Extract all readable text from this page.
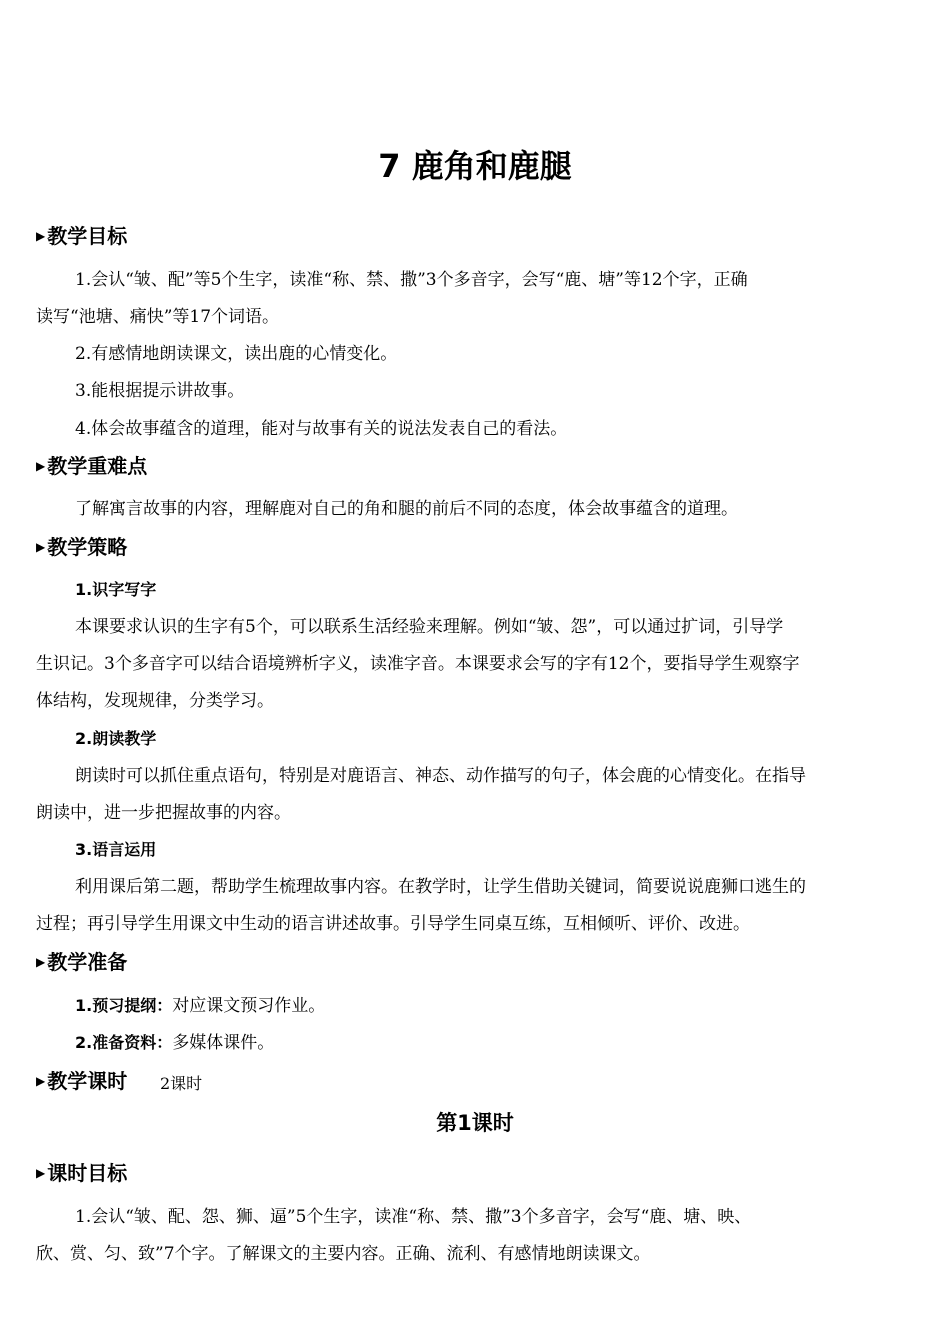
7 鹿角和鹿腿
▶ 教学目标
1.会认“皱、配”等5个生字，读准“称、禁、撒”3个多音字，会写“鹿、塘”等12个字，正确
读写“池塘、痛快”等17个词语。
2.有感情地朗读课文，读出鹿的心情变化。
3.能根据提示讲故事。
4.体会故事蕴含的道理，能对与故事有关的说法发表自己的看法。
▶ 教学重难点
了解寓言故事的内容，理解鹿对自己的角和腿的前后不同的态度，体会故事蕴含的道理。
▶ 教学策略
1.识字写字
本课要求认识的生字有5个，可以联系生活经验来理解。例如“皱、怨”，可以通过扩词，引导学
生识记。3个多音字可以结合语境辨析字义，读准字音。本课要求会写的字有12个，要指导学生观察字
体结构，发现规律，分类学习。
2.朗读教学
朗读时可以抓住重点语句，特别是对鹿语言、神态、动作描写的句子，体会鹿的心情变化。在指导
朗读中，进一步把握故事的内容。
3.语言运用
利用课后第二题，帮助学生梳理故事内容。在教学时，让学生借助关键词，简要说说鹿狮口逃生的
过程；再引导学生用课文中生动的语言讲述故事。引导学生同桌互练，互相倾听、评价、改进。
▶ 教学准备
1.预习提纲：对应课文预习作业。
2.准备资料：多媒体课件。
▶ 教学课时 2课时
第1课时
▶ 课时目标
1.会认“皱、配、怨、狮、逼”5个生字，读准“称、禁、撒”3个多音字，会写“鹿、塘、映、
欣、赏、匀、致”7个字。了解课文的主要内容。正确、流利、有感情地朗读课文。
